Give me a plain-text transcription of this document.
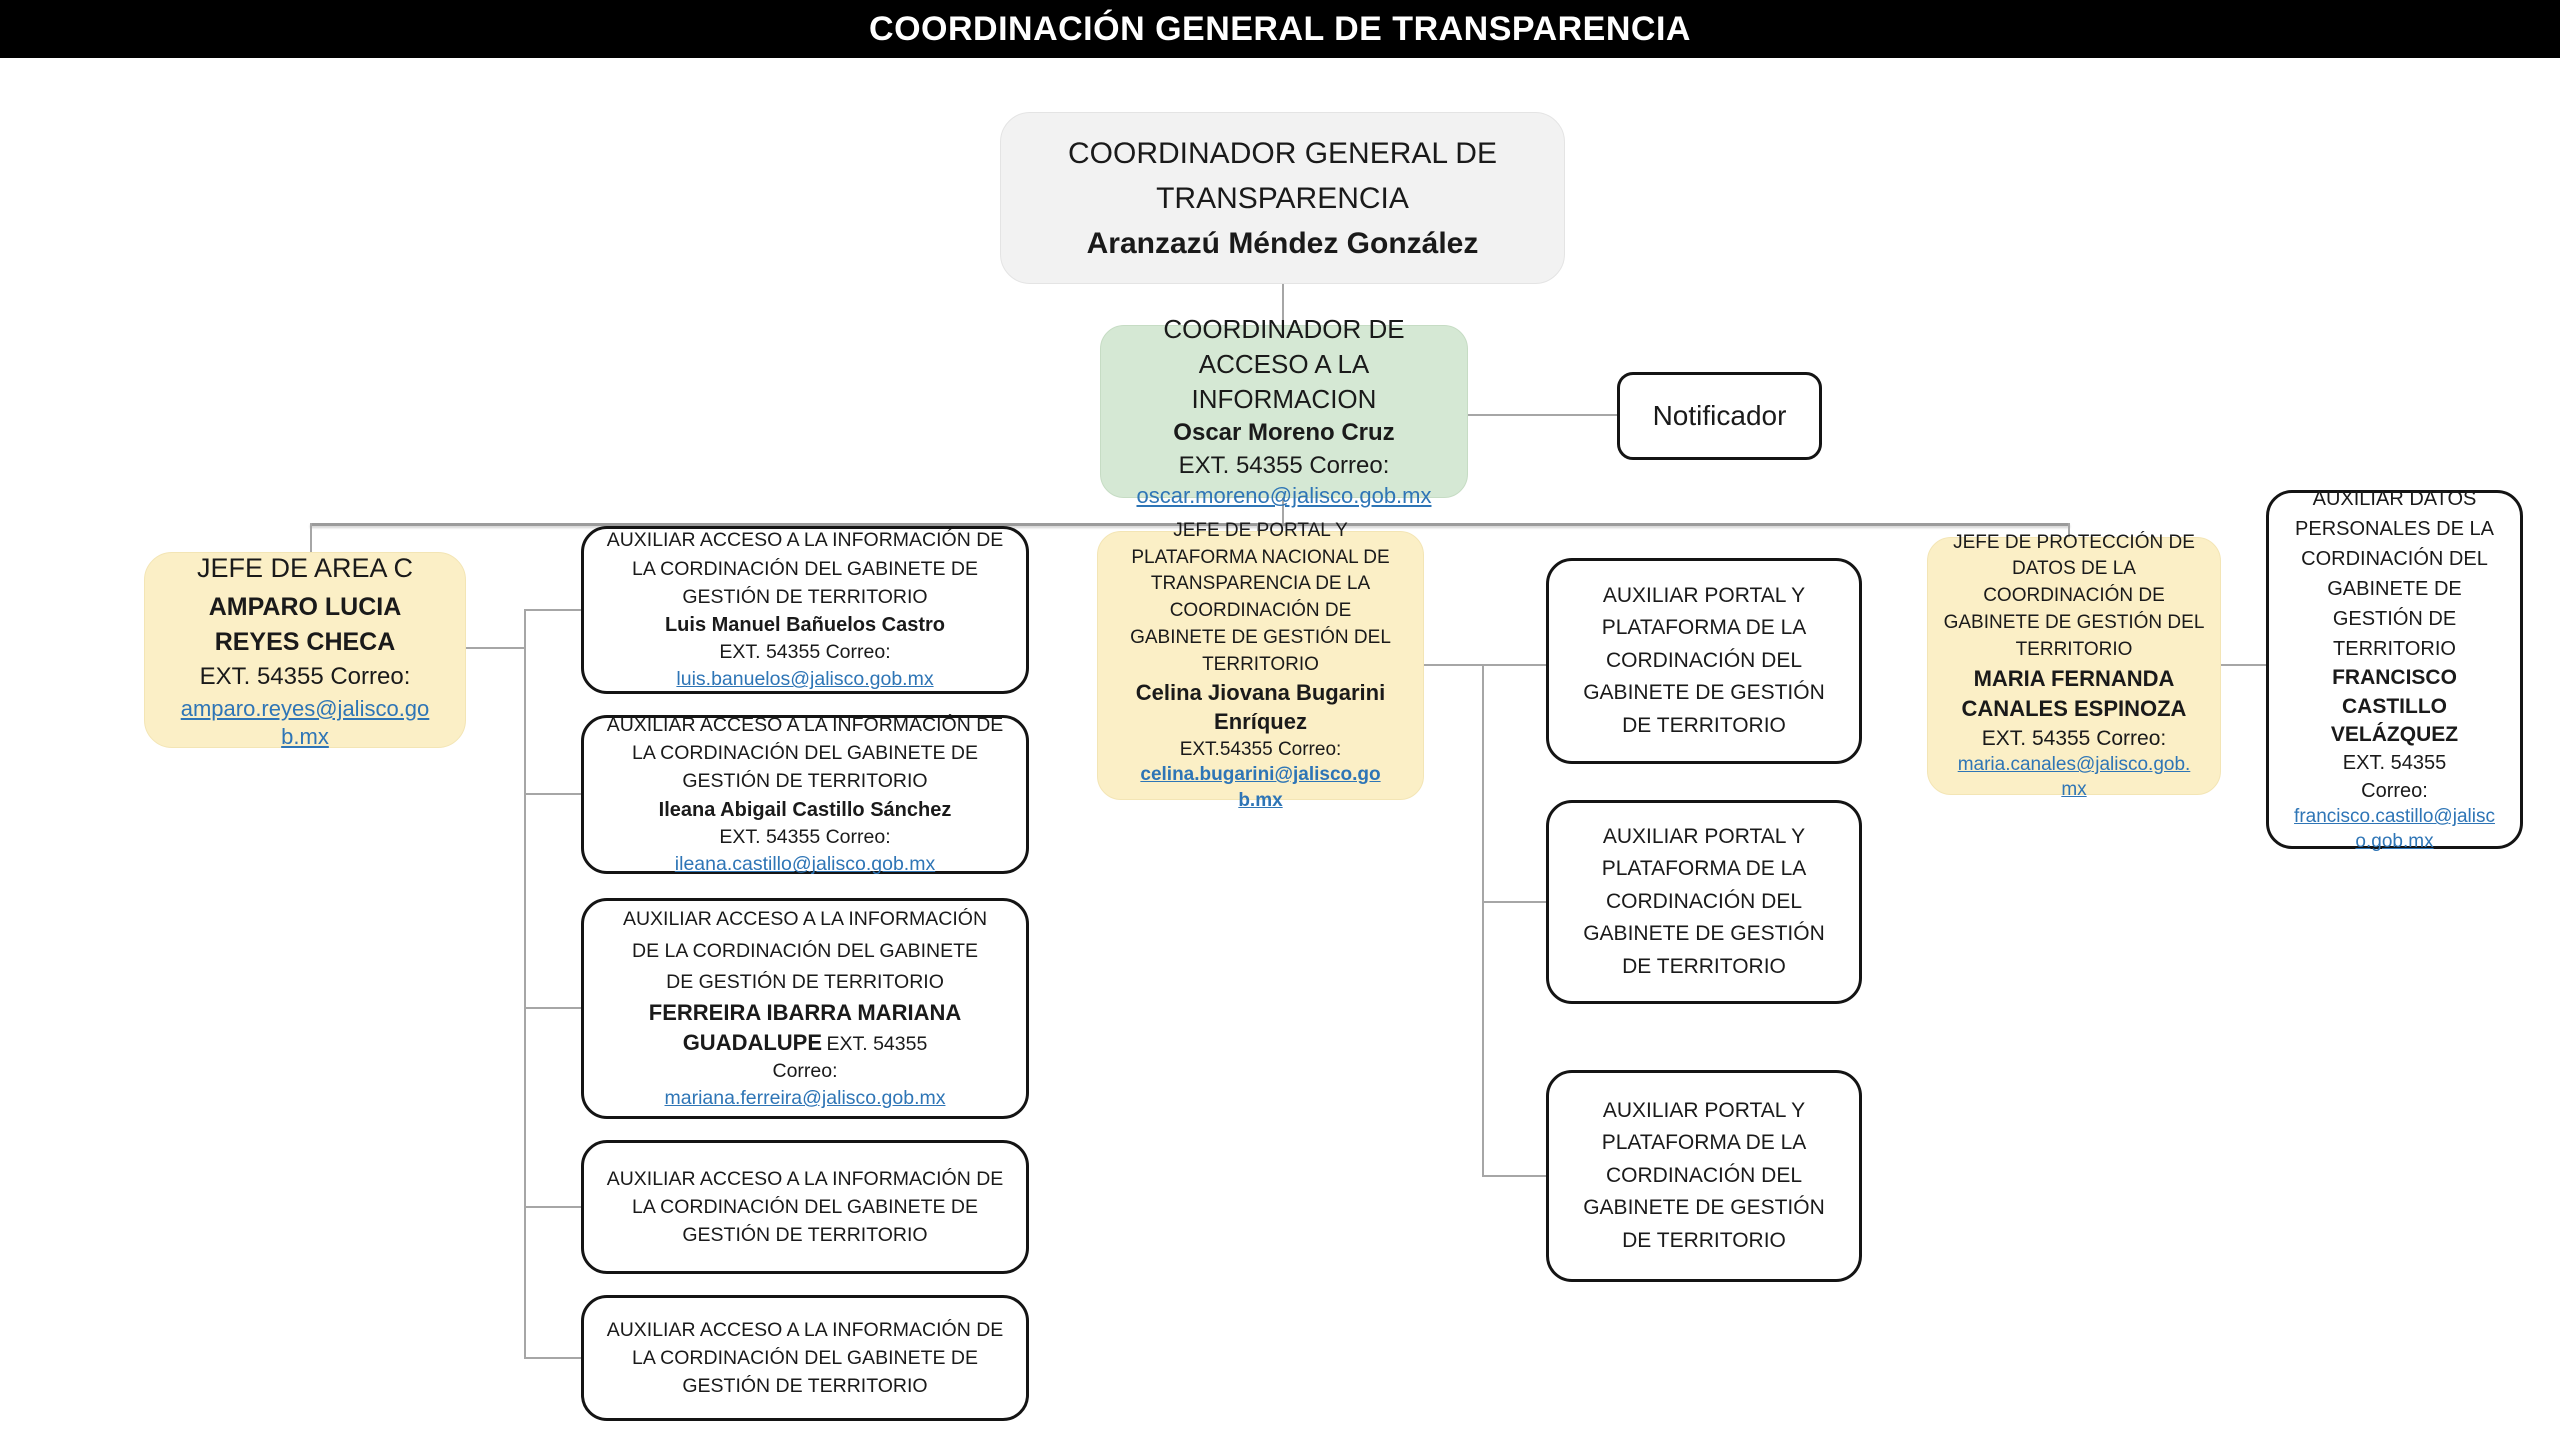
COORDINACIÓN GENERAL DE TRANSPARENCIA
COORDINADOR GENERAL DE TRANSPARENCIA
Aranzazú Méndez González
COORDINADOR DE ACCESO A LA INFORMACION
Oscar Moreno Cruz
EXT. 54355 Correo:
oscar.moreno@jalisco.gob.mx
Notificador
JEFE DE AREA C
AMPARO LUCIA REYES CHECA
EXT. 54355 Correo:
amparo.reyes@jalisco.gob.mx
AUXILIAR ACCESO A LA INFORMACIÓN DE LA CORDINACIÓN DEL GABINETE DE GESTIÓN DE TERRITORIO
Luis Manuel Bañuelos Castro
EXT. 54355 Correo:
luis.banuelos@jalisco.gob.mx
AUXILIAR ACCESO A LA INFORMACIÓN DE LA CORDINACIÓN DEL GABINETE DE GESTIÓN DE TERRITORIO
Ileana Abigail Castillo Sánchez
EXT. 54355 Correo:
ileana.castillo@jalisco.gob.mx
AUXILIAR ACCESO A LA INFORMACIÓN DE LA CORDINACIÓN DEL GABINETE DE GESTIÓN DE TERRITORIO
FERREIRA IBARRA MARIANA GUADALUPE EXT. 54355
Correo:
mariana.ferreira@jalisco.gob.mx
AUXILIAR ACCESO A LA INFORMACIÓN DE LA CORDINACIÓN DEL GABINETE DE GESTIÓN DE TERRITORIO
AUXILIAR ACCESO A LA INFORMACIÓN DE LA CORDINACIÓN DEL GABINETE DE GESTIÓN DE TERRITORIO
JEFE DE PORTAL Y PLATAFORMA NACIONAL DE TRANSPARENCIA DE LA COORDINACIÓN DE GABINETE DE GESTIÓN DEL TERRITORIO
Celina Jiovana Bugarini Enríquez
EXT.54355 Correo:
celina.bugarini@jalisco.gob.mx
AUXILIAR PORTAL Y PLATAFORMA DE LA CORDINACIÓN DEL GABINETE DE GESTIÓN DE TERRITORIO
AUXILIAR PORTAL Y PLATAFORMA DE LA CORDINACIÓN DEL GABINETE DE GESTIÓN DE TERRITORIO
AUXILIAR PORTAL Y PLATAFORMA DE LA CORDINACIÓN DEL GABINETE DE GESTIÓN DE TERRITORIO
JEFE DE PROTECCIÓN DE DATOS DE LA COORDINACIÓN DE GABINETE DE GESTIÓN DEL TERRITORIO
MARIA FERNANDA CANALES ESPINOZA
EXT. 54355 Correo:
maria.canales@jalisco.gob.mx
AUXILIAR DATOS PERSONALES DE LA CORDINACIÓN DEL GABINETE DE GESTIÓN DE TERRITORIO
FRANCISCO CASTILLO VELÁZQUEZ
EXT. 54355
Correo:
francisco.castillo@jalisco.gob.mx
